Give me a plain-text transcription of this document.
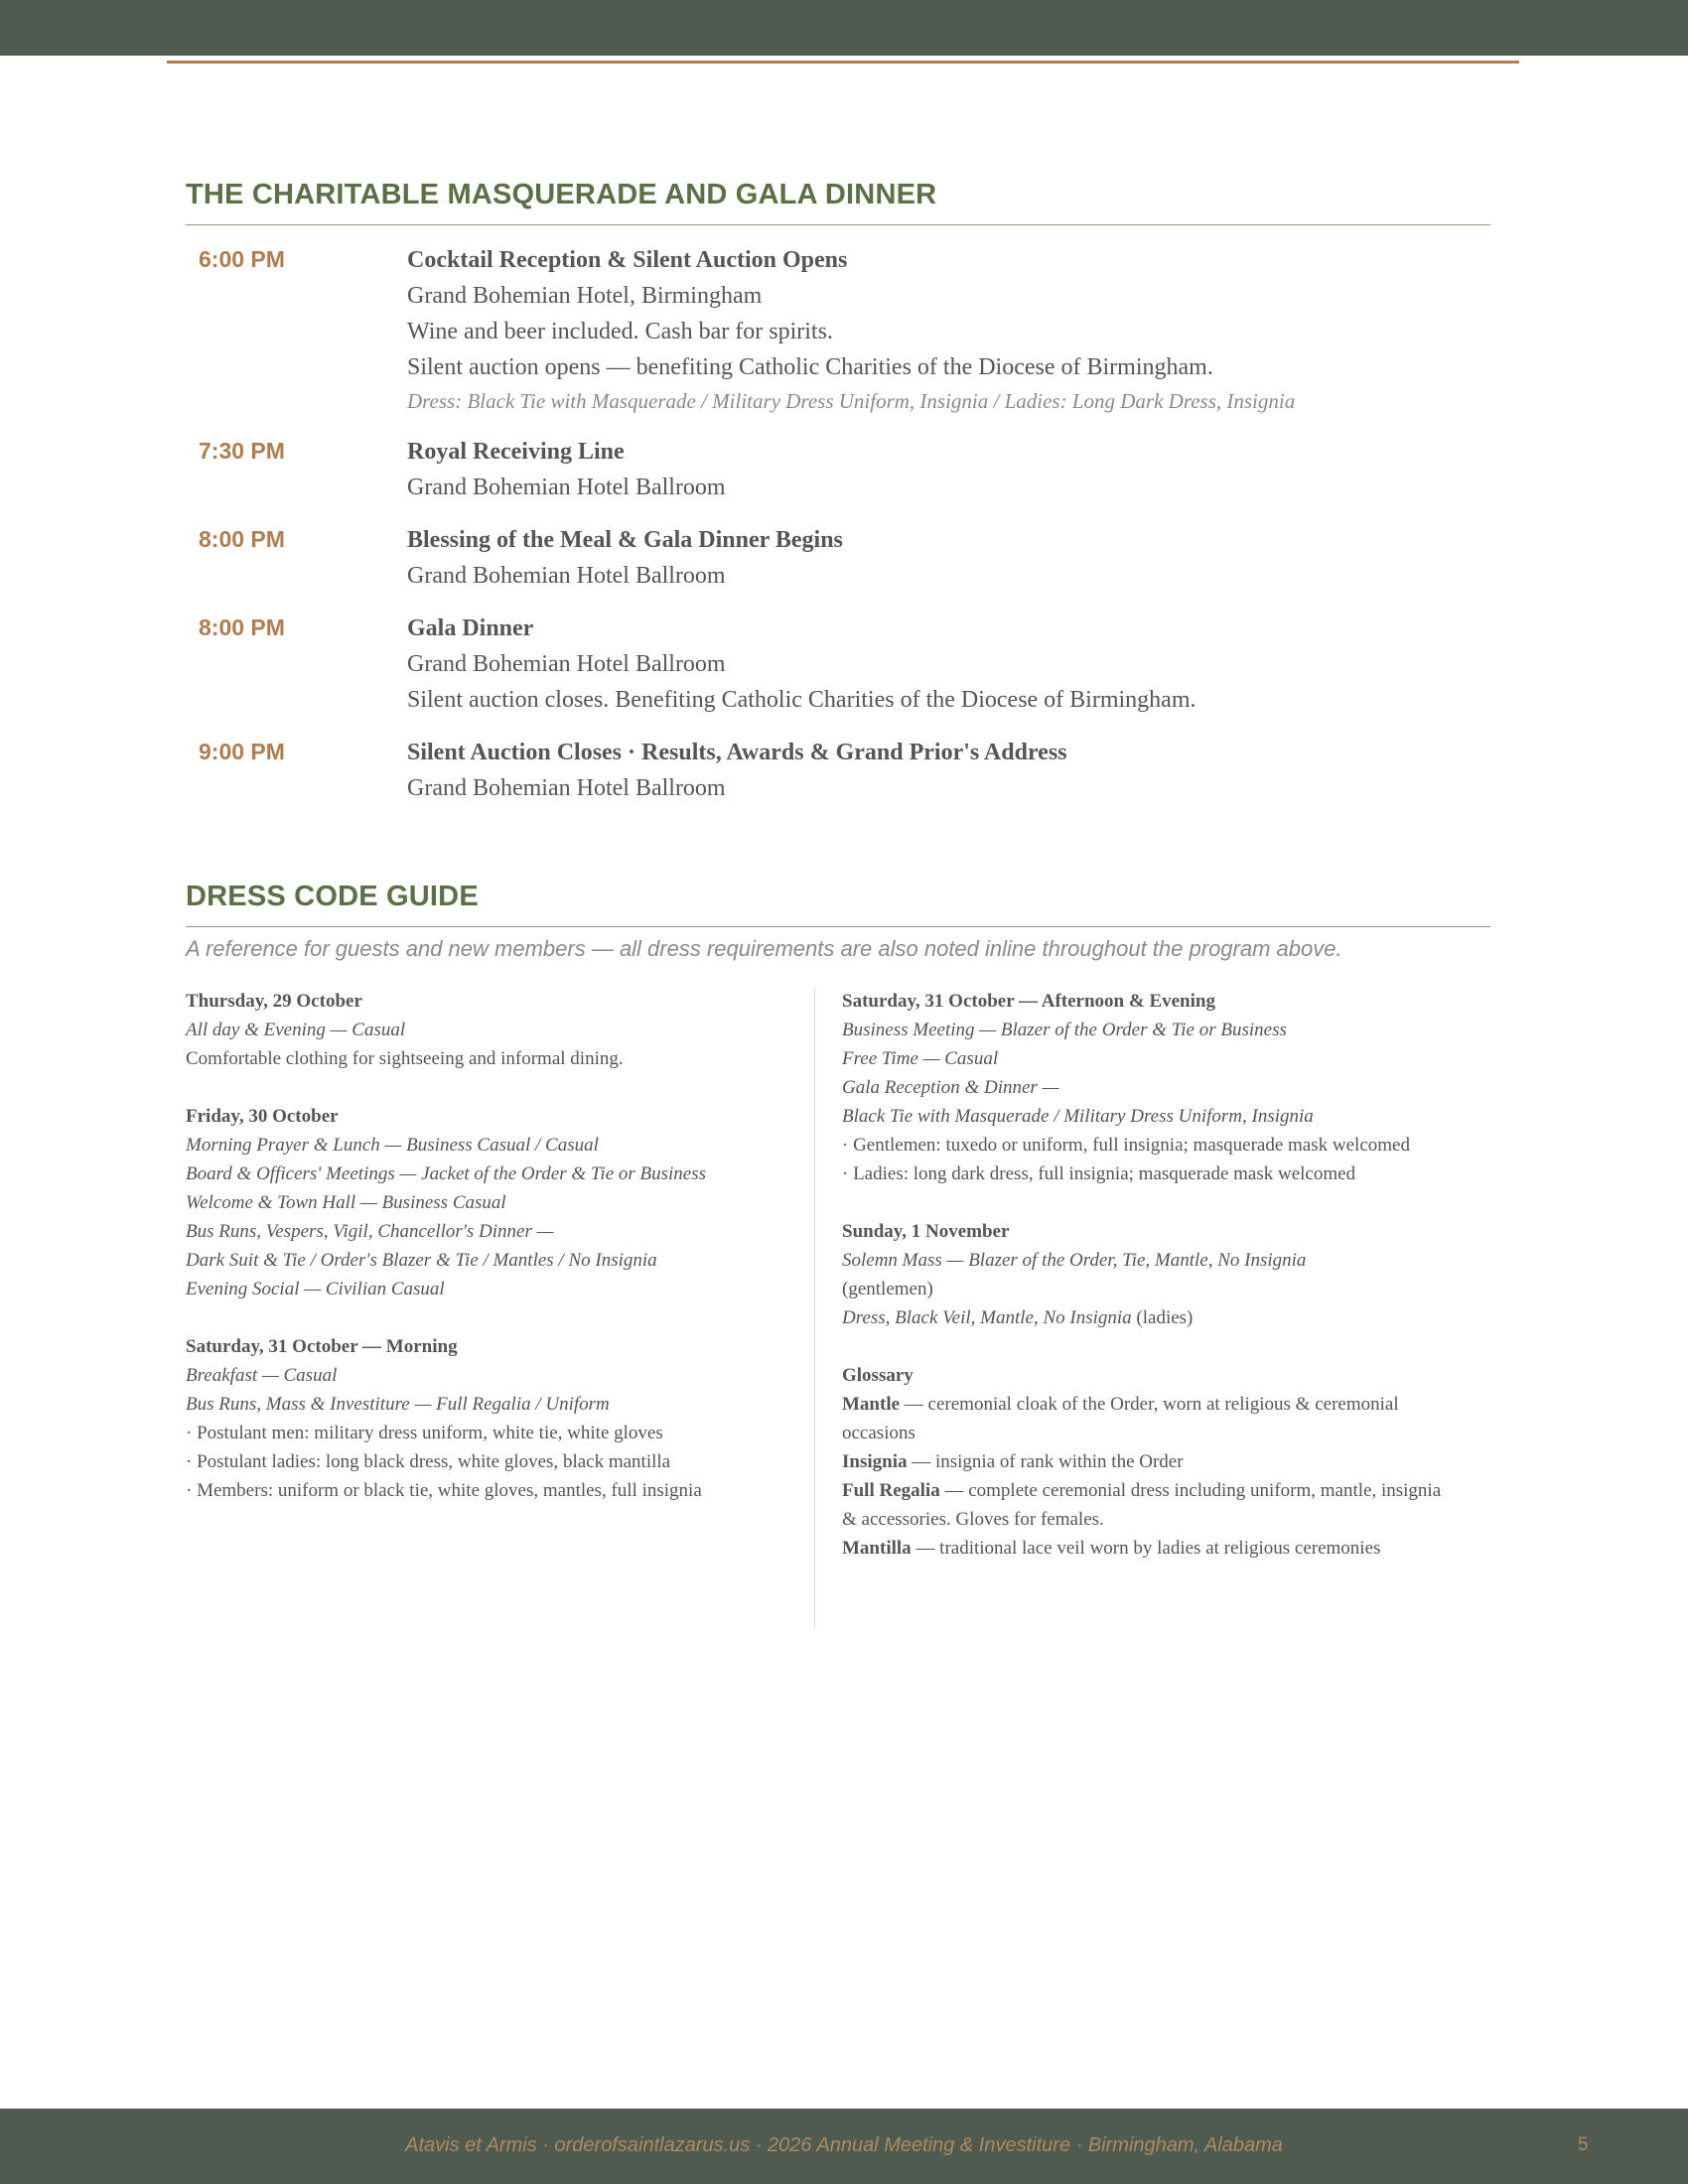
THE CHARITABLE MASQUERADE AND GALA DINNER
6:00 PM	Cocktail Reception & Silent Auction Opens
Grand Bohemian Hotel, Birmingham
Wine and beer included. Cash bar for spirits.
Silent auction opens — benefiting Catholic Charities of the Diocese of Birmingham.
Dress: Black Tie with Masquerade / Military Dress Uniform, Insignia / Ladies: Long Dark Dress, Insignia
7:30 PM	Royal Receiving Line
Grand Bohemian Hotel Ballroom
8:00 PM	Blessing of the Meal & Gala Dinner Begins
Grand Bohemian Hotel Ballroom
8:00 PM	Gala Dinner
Grand Bohemian Hotel Ballroom
Silent auction closes. Benefiting Catholic Charities of the Diocese of Birmingham.
9:00 PM	Silent Auction Closes · Results, Awards & Grand Prior's Address
Grand Bohemian Hotel Ballroom
DRESS CODE GUIDE

A reference for guests and new members — all dress requirements are also noted inline throughout the program above.

Thursday, 29 October
All day & Evening — Casual
Comfortable clothing for sightseeing and informal dining.
Friday, 30 October
Morning Prayer & Lunch — Business Casual / Casual
Board & Officers' Meetings — Jacket of the Order & Tie or Business
Welcome & Town Hall — Business Casual
Bus Runs, Vespers, Vigil, Chancellor's Dinner —
Dark Suit & Tie / Order's Blazer & Tie / Mantles / No Insignia
Evening Social — Civilian Casual
Saturday, 31 October — Morning
Breakfast — Casual
Bus Runs, Mass & Investiture — Full Regalia / Uniform
· Postulant men: military dress uniform, white tie, white gloves
· Postulant ladies: long black dress, white gloves, black mantilla
· Members: uniform or black tie, white gloves, mantles, full insignia
Saturday, 31 October — Afternoon & Evening
Business Meeting — Blazer of the Order & Tie or Business
Free Time — Casual
Gala Reception & Dinner —
Black Tie with Masquerade / Military Dress Uniform, Insignia
· Gentlemen: tuxedo or uniform, full insignia; masquerade mask welcomed
· Ladies: long dark dress, full insignia; masquerade mask welcomed
Sunday, 1 November
Solemn Mass — Blazer of the Order, Tie, Mantle, No Insignia
(gentlemen)
Dress, Black Veil, Mantle, No Insignia (ladies)
Glossary
Mantle — ceremonial cloak of the Order, worn at religious & ceremonial occasions
Insignia — insignia of rank within the Order
Full Regalia — complete ceremonial dress including uniform, mantle, insignia & accessories. Gloves for females.
Mantilla — traditional lace veil worn by ladies at religious ceremonies
Atavis et Armis · orderofsaintlazarus.us · 2026 Annual Meeting & Investiture · Birmingham, Alabama	5
